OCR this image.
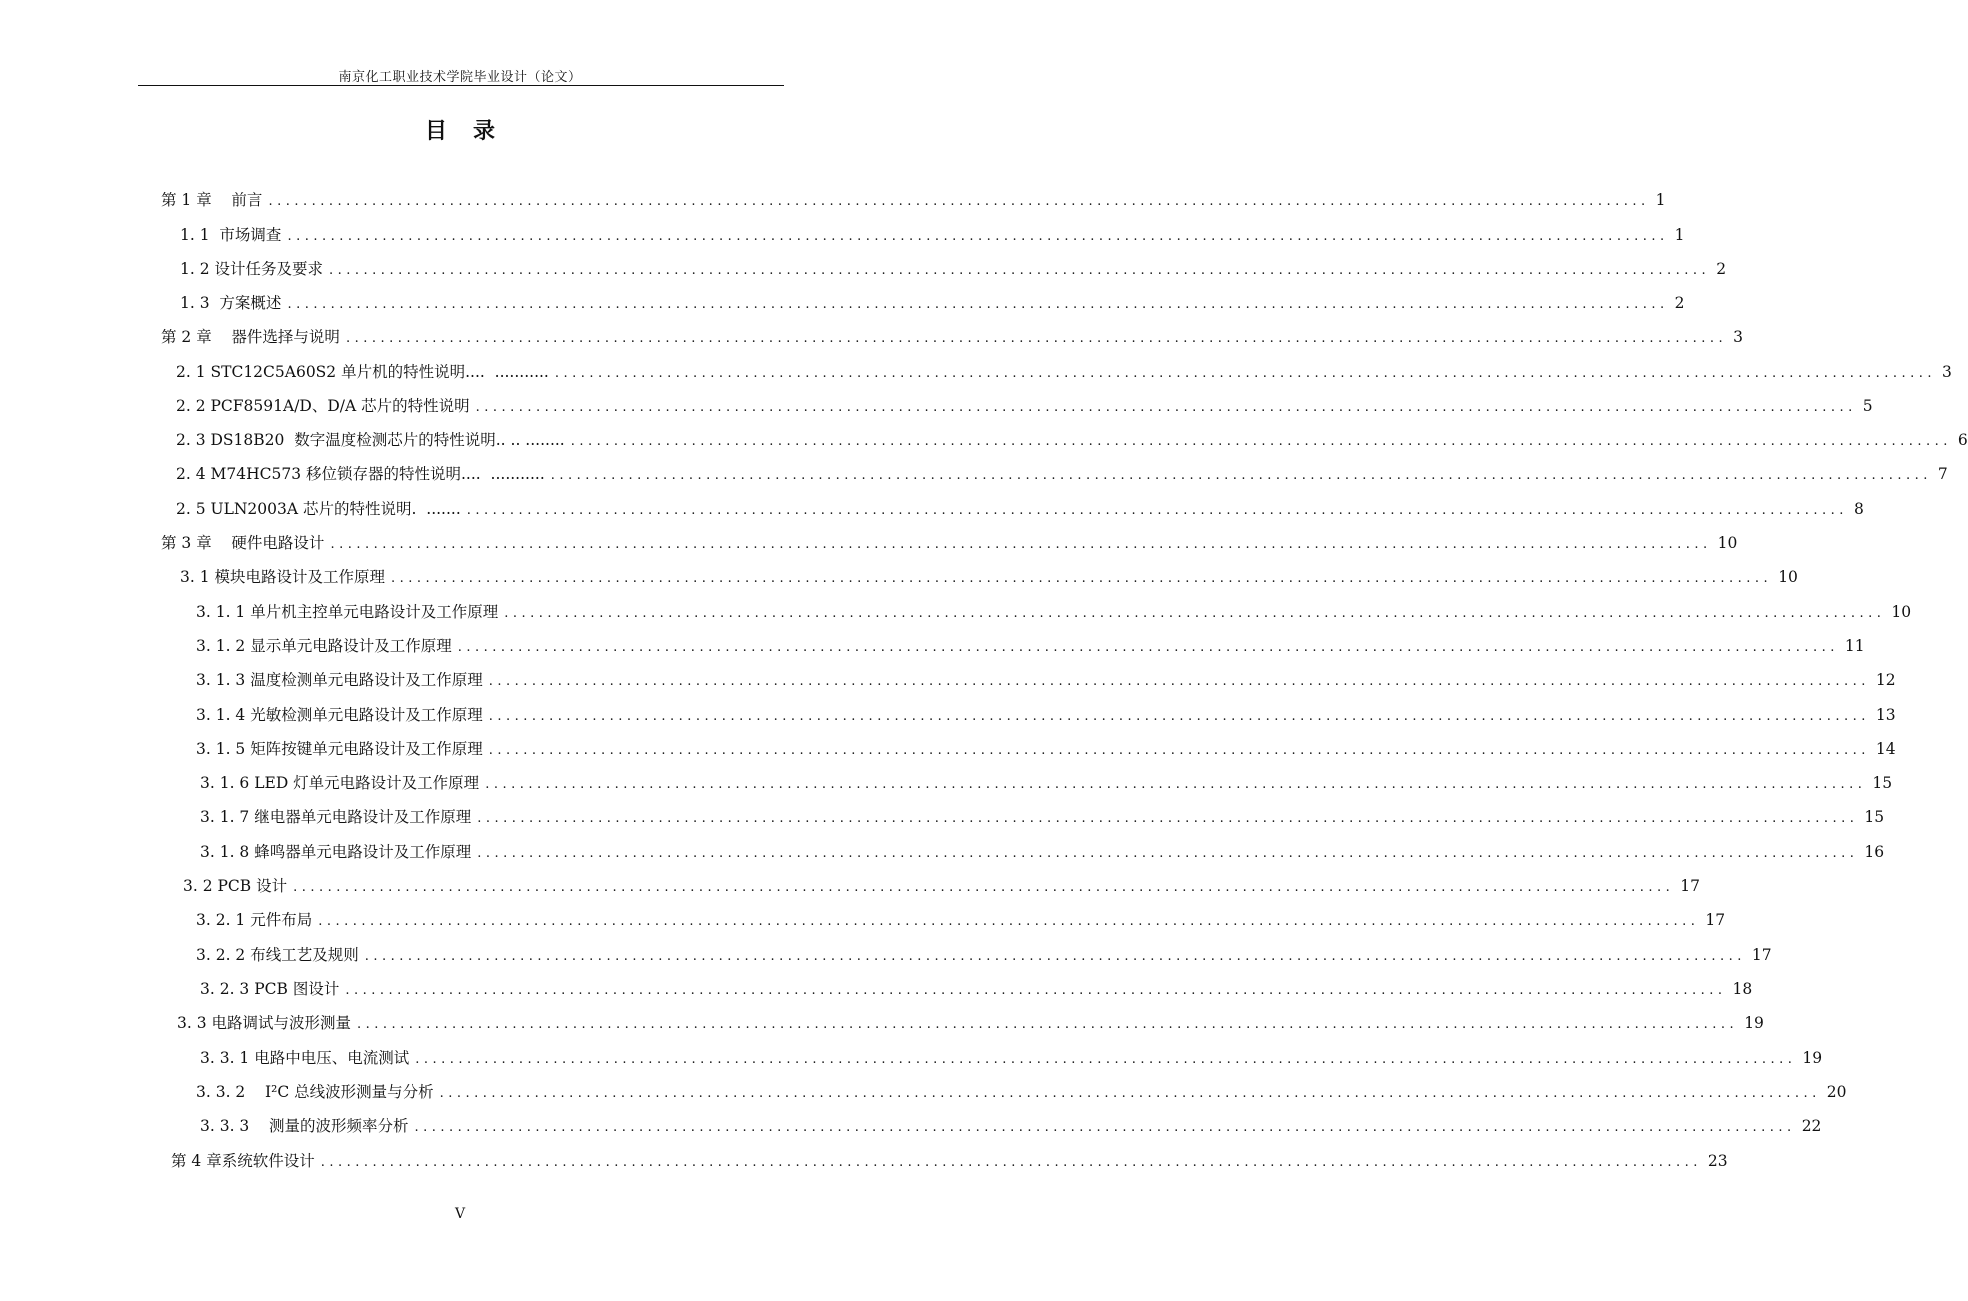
南京化工职业技术学院毕业设计（论文）
目录
第 1 章    前言 ................................................................................................................................................................ 1
1. 1  市场调查 ................................................................................................................................................................ 1
1. 2 设计任务及要求 ................................................................................................................................................................ 2
1. 3  方案概述 ................................................................................................................................................................ 2
第 2 章    器件选择与说明 ................................................................................................................................................................ 3
2. 1 STC12C5A60S2 单片机的特性说明....  ........... ................................................................................................................................................................ 3
2. 2 PCF8591A/D、D/A 芯片的特性说明 ................................................................................................................................................................ 5
2. 3 DS18B20  数字温度检测芯片的特性说明.. .. ........ ................................................................................................................................................................ 6
2. 4 M74HC573 移位锁存器的特性说明....  ........... ................................................................................................................................................................ 7
2. 5 ULN2003A 芯片的特性说明.  ....... ................................................................................................................................................................ 8
第 3 章    硬件电路设计 ................................................................................................................................................................ 10
3. 1 模块电路设计及工作原理 ................................................................................................................................................................ 10
3. 1. 1 单片机主控单元电路设计及工作原理 ................................................................................................................................................................ 10
3. 1. 2 显示单元电路设计及工作原理 ................................................................................................................................................................ 11
3. 1. 3 温度检测单元电路设计及工作原理 ................................................................................................................................................................ 12
3. 1. 4 光敏检测单元电路设计及工作原理 ................................................................................................................................................................ 13
3. 1. 5 矩阵按键单元电路设计及工作原理 ................................................................................................................................................................ 14
3. 1. 6 LED 灯单元电路设计及工作原理 ................................................................................................................................................................ 15
3. 1. 7 继电器单元电路设计及工作原理 ................................................................................................................................................................ 15
3. 1. 8 蜂鸣器单元电路设计及工作原理 ................................................................................................................................................................ 16
3. 2 PCB 设计 ................................................................................................................................................................ 17
3. 2. 1 元件布局 ................................................................................................................................................................ 17
3. 2. 2 布线工艺及规则 ................................................................................................................................................................ 17
3. 2. 3 PCB 图设计 ................................................................................................................................................................ 18
3. 3 电路调试与波形测量 ................................................................................................................................................................ 19
3. 3. 1 电路中电压、电流测试 ................................................................................................................................................................ 19
3. 3. 2    I²C 总线波形测量与分析 ................................................................................................................................................................ 20
3. 3. 3    测量的波形频率分析 ................................................................................................................................................................ 22
第 4 章系统软件设计 ................................................................................................................................................................ 23
V
